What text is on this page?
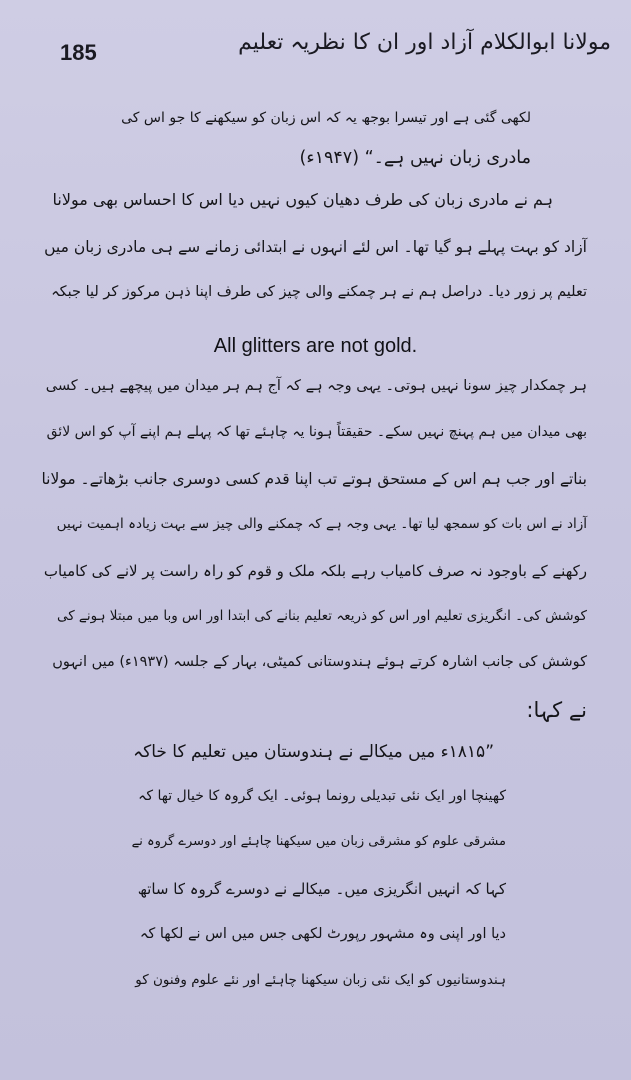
185	مولانا ابوالکلام آزاد اور ان کا نظریہ تعلیم
لکھی گئی ہے اور تیسرا بوجھ یہ کہ اس زبان کو سیکھنے کا جو اس کی
مادری زبان نہیں ہے۔“ (۱۹۴۷ء)
ہم نے مادری زبان کی طرف دھیان کیوں نہیں دیا اس کا احساس بھی مولانا
آزاد کو بہت پہلے ہو گیا تھا۔ اس لئے انہوں نے ابتدائی زمانے سے ہی مادری زبان میں
تعلیم پر زور دیا۔ دراصل ہم نے ہر چمکنے والی چیز کی طرف اپنا ذہن مرکوز کر لیا جبکہ
All glitters are not gold.
ہر چمکدار چیز سونا نہیں ہوتی۔ یہی وجہ ہے کہ آج ہم ہر میدان میں پیچھے ہیں۔ کسی
بھی میدان میں ہم پہنچ نہیں سکے۔ حقیقتاً ہونا یہ چاہئے تھا کہ پہلے ہم اپنے آپ کو اس لائق
بناتے اور جب ہم اس کے مستحق ہوتے تب اپنا قدم کسی دوسری جانب بڑھاتے۔ مولانا
آزاد نے اس بات کو سمجھ لیا تھا۔ یہی وجہ ہے کہ چمکنے والی چیز سے بہت زیادہ اہمیت نہیں
رکھنے کے باوجود نہ صرف کامیاب رہے بلکہ ملک و قوم کو راہ راست پر لانے کی کامیاب
کوشش کی۔ انگریزی تعلیم اور اس کو ذریعہ تعلیم بنانے کی ابتدا اور اس وبا میں مبتلا ہونے کی
کوشش کی جانب اشارہ کرتے ہوئے ہندوستانی کمیٹی، بہار کے جلسہ (۱۹۳۷ء) میں انہوں
نے کہا:
”۱۸۱۵ء میں میکالے نے ہندوستان میں تعلیم کا خاکہ
کھینچا اور ایک نئی تبدیلی رونما ہوئی۔ ایک گروہ کا خیال تھا کہ
مشرقی علوم کو مشرقی زبان میں سیکھنا چاہئے اور دوسرے گروہ نے
کہا کہ انہیں انگریزی میں۔ میکالے نے دوسرے گروہ کا ساتھ
دیا اور اپنی وہ مشہور رپورٹ لکھی جس میں اس نے لکھا کہ
ہندوستانیوں کو ایک نئی زبان سیکھنا چاہئے اور نئے علوم وفنون کو
